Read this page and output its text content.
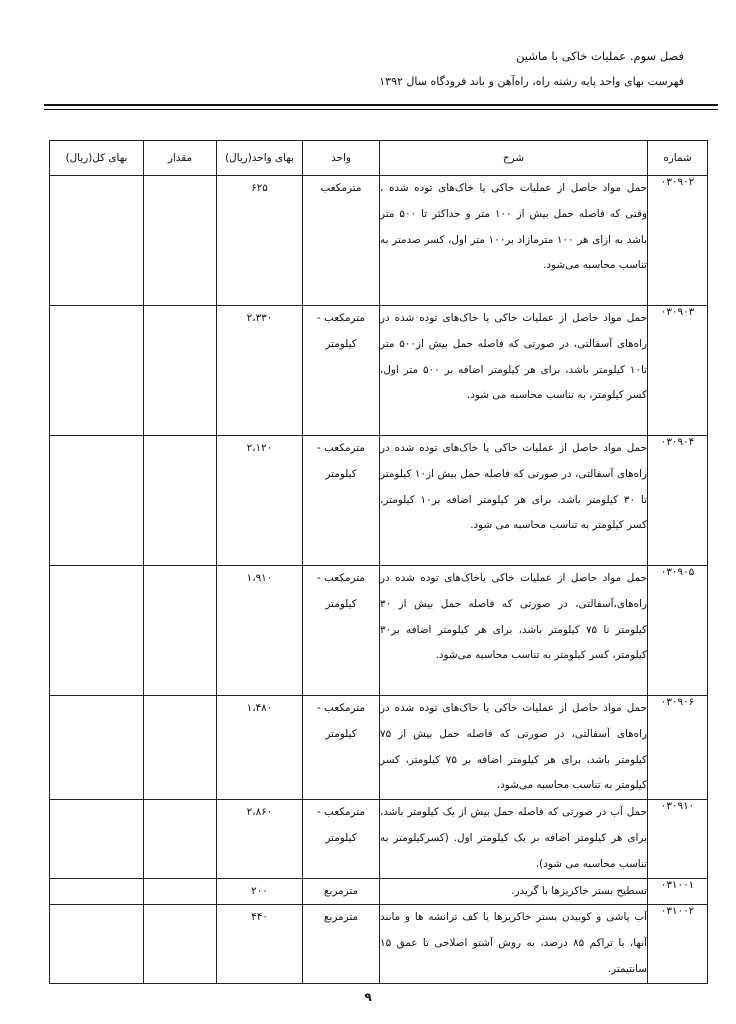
فصل سوم. عملیات خاکی با ماشین
فهرست بهای واحد پایه رشته راه، راه‌آهن و باند فرودگاه سال ۱۳۹۲
شماره	شرح	واحد	بهای واحد(ریال)	مقدار	بهای کل(ریال)
۰۳۰۹۰۲	حمل مواد حاصل از عملیات خاکی یا خاک‌های توده شده ، وقتی که فاصله حمل بیش از ۱۰۰ متر و حداکثر تا ۵۰۰ متر باشد به ازای هر ۱۰۰ مترمازاد بر۱۰۰ متر اول، کسر صدمتر به تناسب محاسبه می‌شود.	مترمکعب	۶۲۵		
۰۳۰۹۰۳	حمل مواد حاصل از عملیات خاکی یا خاک‌های توده شده در راه‌های آسفالتی، در صورتی که فاصله حمل بیش از۵۰۰ متر تا۱۰ کیلومتر باشد، برای هر کیلومتر اضافه بر ۵۰۰ متر اول، کسر کیلومتر، به تناسب محاسبه می شود.	مترمکعب - کیلومتر	۲،۳۳۰		
۰۳۰۹۰۴	حمل مواد حاصل از عملیات خاکی یا خاک‌های توده شده در راه‌های آسفالتی، در صورتی که فاصله حمل بیش از۱۰ کیلومتر تا ۳۰ کیلومتر باشد، برای هر کیلومتر اضافه بر۱۰ کیلومتر، کسر کیلومتر به تناسب محاسبه می شود.	مترمکعب - کیلومتر	۲،۱۲۰		
۰۳۰۹۰۵	حمل مواد حاصل از عملیات خاکی یاخاک‌های توده شده در راه‌های،آسفالتی، در صورتی که فاصله حمل بیش از ۳۰ کیلومتر تا ۷۵ کیلومتر باشد، برای هر کیلومتر اضافه بر۳۰ کیلومتر، کسر کیلومتر به تناسب محاسبه می‌شود.	مترمکعب - کیلومتر	۱،۹۱۰		
۰۳۰۹۰۶	حمل مواد حاصل از عملیات خاکی یا خاک‌های توده شده در راه‌های آسفالتی، در صورتی که فاصله حمل بیش از ۷۵ کیلومتر باشد، برای هر کیلومتر اضافه بر ۷۵ کیلومتر، کسر کیلومتر به تناسب محاسبه می‌شود.	مترمکعب - کیلومتر	۱،۴۸۰		
۰۳۰۹۱۰	حمل آب در صورتی که فاصله حمل بیش از یک کیلومتر باشد، برای هر کیلومتر اضافه بر یک کیلومتر اول. (کسرکیلومتر به تناسب محاسبه می شود).	مترمکعب - کیلومتر	۲،۸۶۰		
۰۳۱۰۰۱	تسطیح بستر خاکریزها با گریدر.	مترمربع	۲۰۰		
۰۳۱۰۰۲	آب پاشی و کوبیدن بستر خاکریزها یا کف ترانشه ها و مانند آنها، با تراکم ۸۵ درصد، به روش آشتو اصلاحی تا عمق ۱۵ سانتیمتر.	مترمربع	۴۴۰		
۹
